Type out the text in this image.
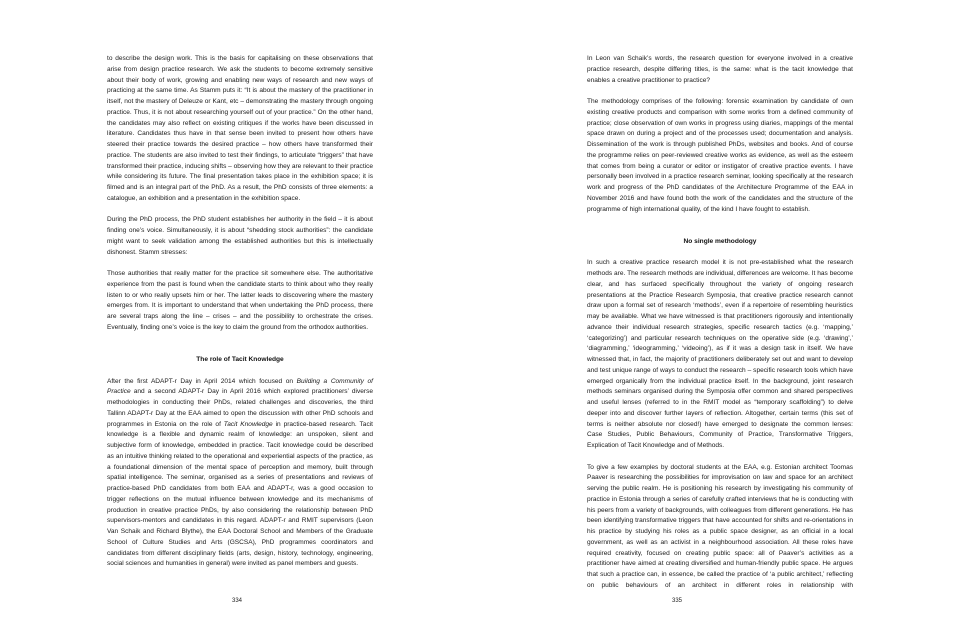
to describe the design work. This is the basis for capitalising on these observations that arise from design practice research. We ask the students to become extremely sensitive about their body of work, growing and enabling new ways of research and new ways of practicing at the same time. As Stamm puts it: “It is about the mastery of the practitioner in itself, not the mastery of Deleuze or Kant, etc – demonstrating the mastery through ongoing practice. Thus, it is not about researching yourself out of your practice.” On the other hand, the candidates may also reflect on existing critiques if the works have been discussed in literature. Candidates thus have in that sense been invited to present how others have steered their practice towards the desired practice – how others have transformed their practice. The students are also invited to test their findings, to articulate “triggers” that have transformed their practice, inducing shifts – observing how they are relevant to their practice while considering its future. The final presentation takes place in the exhibition space; it is filmed and is an integral part of the PhD. As a result, the PhD consists of three elements: a catalogue, an exhibition and a presentation in the exhibition space.

During the PhD process, the PhD student establishes her authority in the field – it is about finding one’s voice. Simultaneously, it is about “shedding stock authorities”: the candidate might want to seek validation among the established authorities but this is intellectually dishonest. Stamm stresses:

Those authorities that really matter for the practice sit somewhere else. The authoritative experience from the past is found when the candidate starts to think about who they really listen to or who really upsets him or her. The latter leads to discovering where the mastery emerges from. It is important to understand that when undertaking the PhD process, there are several traps along the line – crises – and the possibility to orchestrate the crises. Eventually, finding one’s voice is the key to claim the ground from the orthodox authorities.

The role of Tacit Knowledge

After the first ADAPT-r Day in April 2014 which focused on Building a Community of Practice and a second ADAPT-r Day in April 2016 which explored practitioners’ diverse methodologies in conducting their PhDs, related challenges and discoveries, the third Tallinn ADAPT-r Day at the EAA aimed to open the discussion with other PhD schools and programmes in Estonia on the role of Tacit Knowledge in practice-based research. Tacit knowledge is a flexible and dynamic realm of knowledge: an unspoken, silent and subjective form of knowledge, embedded in practice. Tacit knowledge could be described as an intuitive thinking related to the operational and experiential aspects of the practice, as a foundational dimension of the mental space of perception and memory, built through spatial intelligence. The seminar, organised as a series of presentations and reviews of practice-based PhD candidates from both EAA and ADAPT-r, was a good occasion to trigger reflections on the mutual influence between knowledge and its mechanisms of production in creative practice PhDs, by also considering the relationship between PhD supervisors-mentors and candidates in this regard. ADAPT-r and RMIT supervisors (Leon Van Schaik and Richard Blythe), the EAA Doctoral School and Members of the Graduate School of Culture Studies and Arts (GSCSA), PhD programmes coordinators and candidates from different disciplinary fields (arts, design, history, technology, engineering, social sciences and humanities in general) were invited as panel members and guests.

334

In Leon van Schaik’s words, the research question for everyone involved in a creative practice research, despite differing titles, is the same: what is the tacit knowledge that enables a creative practitioner to practice?

The methodology comprises of the following: forensic examination by candidate of own existing creative products and comparison with some works from a defined community of practice; close observation of own works in progress using diaries, mappings of the mental space drawn on during a project and of the processes used; documentation and analysis. Dissemination of the work is through published PhDs, websites and books. And of course the programme relies on peer-reviewed creative works as evidence, as well as the esteem that comes from being a curator or editor or instigator of creative practice events. I have personally been involved in a practice research seminar, looking specifically at the research work and progress of the PhD candidates of the Architecture Programme of the EAA in November 2016 and have found both the work of the candidates and the structure of the programme of high international quality, of the kind I have fought to establish.

No single methodology

In such a creative practice research model it is not pre-established what the research methods are. The research methods are individual, differences are welcome. It has become clear, and has surfaced specifically throughout the variety of ongoing research presentations at the Practice Research Symposia, that creative practice research cannot draw upon a formal set of research ‘methods’, even if a repertoire of resembling heuristics may be available. What we have witnessed is that practitioners rigorously and intentionally advance their individual research strategies, specific research tactics (e.g. ‘mapping,’ ‘categorizing’) and particular research techniques on the operative side (e.g. ‘drawing’,’ ‘diagramming,’ ‘ideogramming,’ ‘videoing’), as if it was a design task in itself. We have witnessed that, in fact, the majority of practitioners deliberately set out and want to develop and test unique range of ways to conduct the research – specific research tools which have emerged organically from the individual practice itself. In the background, joint research methods seminars organised during the Symposia offer common and shared perspectives and useful lenses (referred to in the RMIT model as “temporary scaffolding”) to delve deeper into and discover further layers of reflection. Altogether, certain terms (this set of terms is neither absolute nor closed!) have emerged to designate the common lenses: Case Studies, Public Behaviours, Community of Practice, Transformative Triggers, Explication of Tacit Knowledge and of Methods.

To give a few examples by doctoral students at the EAA, e.g. Estonian architect Toomas Paaver is researching the possibilities for improvisation on law and space for an architect serving the public realm. He is positioning his research by investigating his community of practice in Estonia through a series of carefully crafted interviews that he is conducting with his peers from a variety of backgrounds, with colleagues from different generations. He has been identifying transformative triggers that have accounted for shifts and re-orientations in his practice by studying his roles as a public space designer, as an official in a local government, as well as an activist in a neighbourhood association. All these roles have required creativity, focused on creating public space: all of Paaver’s activities as a practitioner have aimed at creating diversified and human-friendly public space. He argues that such a practice can, in essence, be called the practice of ‘a public architect,’ reflecting on public behaviours of an architect in different roles in relationship with

335
